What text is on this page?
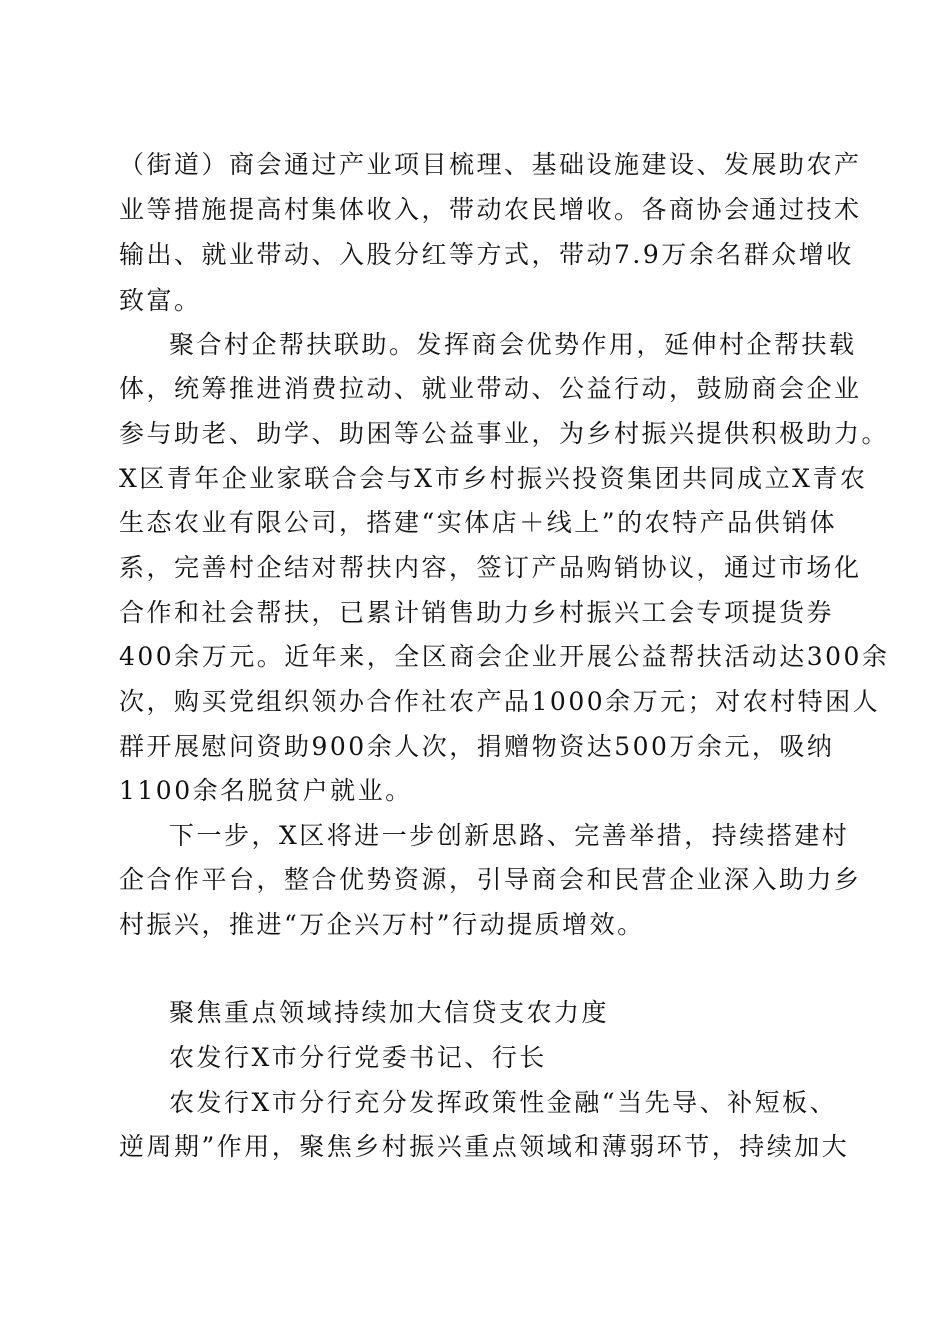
（街道）商会通过产业项目梳理、基础设施建设、发展助农产
业等措施提高村集体收入，带动农民增收。各商协会通过技术
输出、就业带动、入股分红等方式，带动7.9万余名群众增收
致富。
聚合村企帮扶联助。发挥商会优势作用，延伸村企帮扶载
体，统筹推进消费拉动、就业带动、公益行动，鼓励商会企业
参与助老、助学、助困等公益事业，为乡村振兴提供积极助力。
X区青年企业家联合会与X市乡村振兴投资集团共同成立X青农
生态农业有限公司，搭建“实体店＋线上”的农特产品供销体
系，完善村企结对帮扶内容，签订产品购销协议，通过市场化
合作和社会帮扶，已累计销售助力乡村振兴工会专项提货券
400余万元。近年来，全区商会企业开展公益帮扶活动达300余
次，购买党组织领办合作社农产品1000余万元；对农村特困人
群开展慰问资助900余人次，捐赠物资达500万余元，吸纳
1100余名脱贫户就业。
下一步，X区将进一步创新思路、完善举措，持续搭建村
企合作平台，整合优势资源，引导商会和民营企业深入助力乡
村振兴，推进“万企兴万村”行动提质增效。
聚焦重点领域持续加大信贷支农力度
农发行X市分行党委书记、行长
农发行X市分行充分发挥政策性金融“当先导、补短板、
逆周期”作用，聚焦乡村振兴重点领域和薄弱环节，持续加大
